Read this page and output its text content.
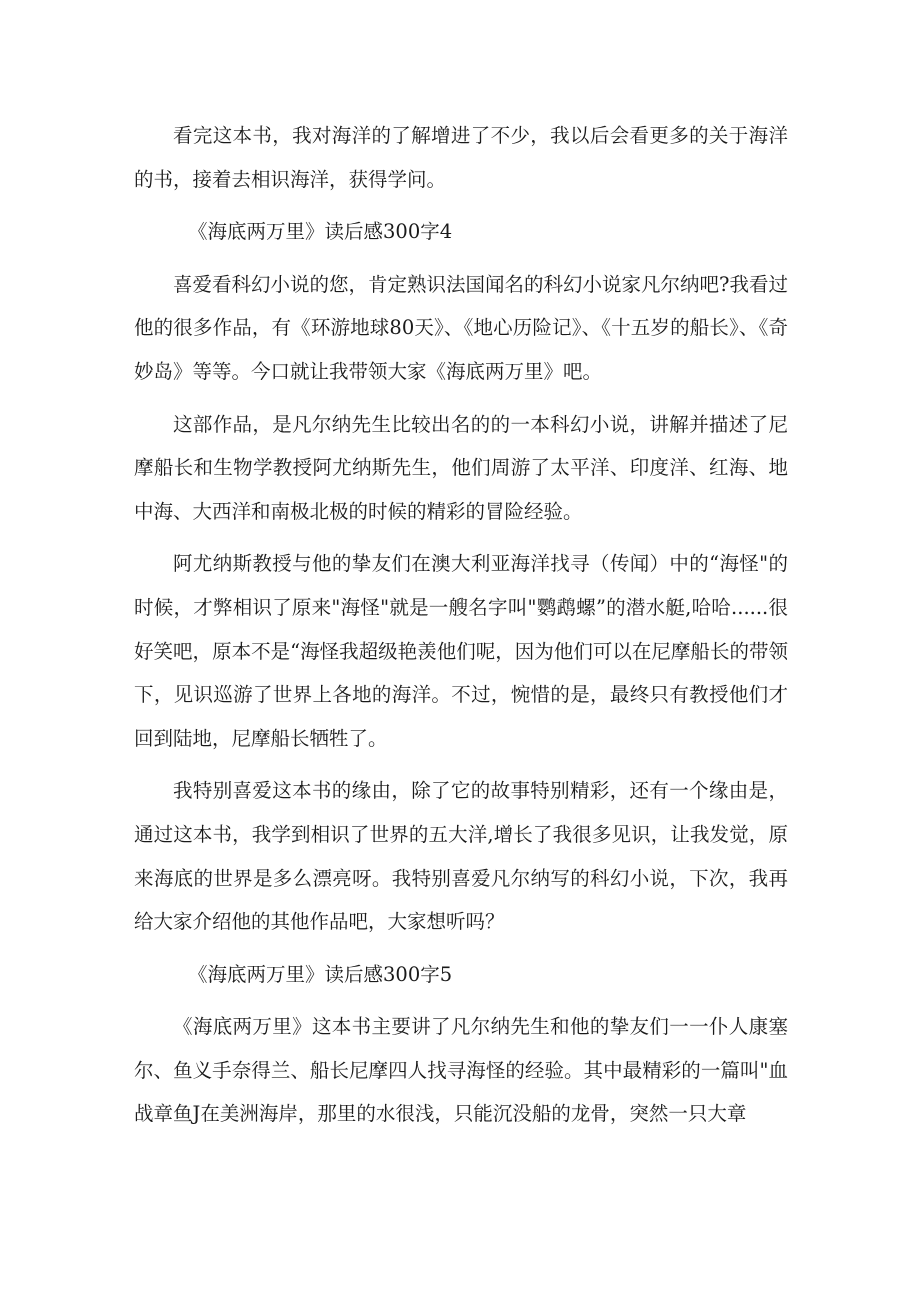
看完这本书，我对海洋的了解增进了不少，我以后会看更多的关于海洋的书，接着去相识海洋，获得学问。

《海底两万里》读后感300字4

喜爱看科幻小说的您，肯定熟识法国闻名的科幻小说家凡尔纳吧?我看过他的很多作品，有《环游地球80天》、《地心历险记》、《十五岁的船长》、《奇妙岛》等等。今口就让我带领大家《海底两万里》吧。

这部作品，是凡尔纳先生比较出名的的一本科幻小说，讲解并描述了尼摩船长和生物学教授阿尤纳斯先生，他们周游了太平洋、印度洋、红海、地中海、大西洋和南极北极的时候的精彩的冒险经验。

阿尤纳斯教授与他的挚友们在澳大利亚海洋找寻（传闻）中的“海怪"的时候，才弊相识了原来"海怪"就是一艘名字叫"鹦鹉螺”的潜水艇,哈哈......很好笑吧，原本不是“海怪我超级艳羡他们呢，因为他们可以在尼摩船长的带领下，见识巡游了世界上各地的海洋。不过，惋惜的是，最终只有教授他们才回到陆地，尼摩船长牺牲了。

我特别喜爱这本书的缘由，除了它的故事特别精彩，还有一个缘由是，通过这本书，我学到相识了世界的五大洋,增长了我很多见识，让我发觉，原来海底的世界是多么漂亮呀。我特别喜爱凡尔纳写的科幻小说，下次，我再给大家介绍他的其他作品吧，大家想听吗？

《海底两万里》读后感300字5

《海底两万里》这本书主要讲了凡尔纳先生和他的挚友们一一仆人康塞尔、鱼义手奈得兰、船长尼摩四人找寻海怪的经验。其中最精彩的一篇叫"血战章鱼J在美洲海岸，那里的水很浅，只能沉没船的龙骨，突然一只大章
